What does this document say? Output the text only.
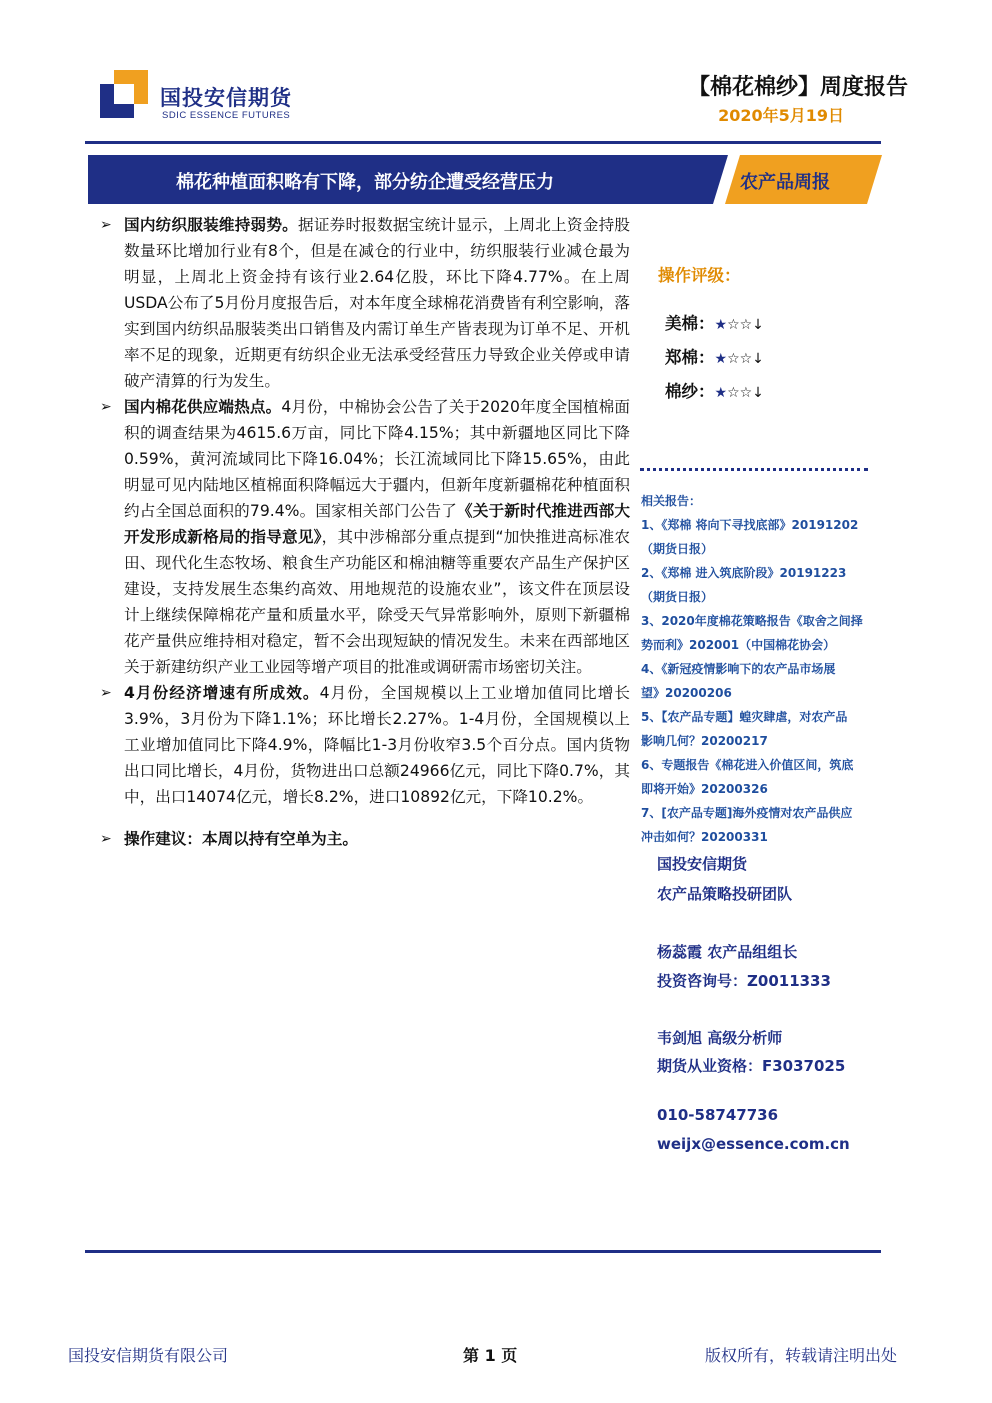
国投安信期货
SDIC ESSENCE FUTURES
【棉花棉纱】周度报告
2020年5月19日
棉花种植面积略有下降，部分纺企遭受经营压力	农产品周报
➢ 国内纺织服装维持弱势。据证券时报数据宝统计显示，上周北上资金持股数量环比增加行业有8个，但是在减仓的行业中，纺织服装行业减仓最为明显，上周北上资金持有该行业2.64亿股，环比下降4.77%。在上周USDA公布了5月份月度报告后，对本年度全球棉花消费皆有利空影响，落实到国内纺织品服装类出口销售及内需订单生产皆表现为订单不足、开机率不足的现象，近期更有纺织企业无法承受经营压力导致企业关停或申请破产清算的行为发生。
➢ 国内棉花供应端热点。4月份，中棉协会公告了关于2020年度全国植棉面积的调查结果为4615.6万亩，同比下降4.15%；其中新疆地区同比下降0.59%，黄河流域同比下降16.04%；长江流域同比下降15.65%，由此明显可见内陆地区植棉面积降幅远大于疆内，但新年度新疆棉花种植面积约占全国总面积的79.4%。国家相关部门公告了《关于新时代推进西部大开发形成新格局的指导意见》，其中涉棉部分重点提到“加快推进高标准农田、现代化生态牧场、粮食生产功能区和棉油糖等重要农产品生产保护区建设，支持发展生态集约高效、用地规范的设施农业”，该文件在顶层设计上继续保障棉花产量和质量水平，除受天气异常影响外，原则下新疆棉花产量供应维持相对稳定，暂不会出现短缺的情况发生。未来在西部地区关于新建纺织产业工业园等增产项目的批准或调研需市场密切关注。
➢ 4月份经济增速有所成效。4月份，全国规模以上工业增加值同比增长3.9%，3月份为下降1.1%；环比增长2.27%。1-4月份，全国规模以上工业增加值同比下降4.9%，降幅比1-3月份收窄3.5个百分点。国内货物出口同比增长，4月份，货物进出口总额24966亿元，同比下降0.7%，其中，出口14074亿元，增长8.2%，进口10892亿元，下降10.2%。
➢ 操作建议：本周以持有空单为主。
操作评级：
美棉：★☆☆↓
郑棉：★☆☆↓
棉纱：★☆☆↓
相关报告：
1、《郑棉 将向下寻找底部》20191202
（期货日报）
2、《郑棉 进入筑底阶段》20191223
（期货日报）
3、2020年度棉花策略报告《取舍之间择
势而利》202001（中国棉花协会）
4、《新冠疫情影响下的农产品市场展
望》20200206
5、【农产品专题】蝗灾肆虐，对农产品
影响几何？20200217
6、专题报告《棉花进入价值区间，筑底
即将开始》20200326
7、[农产品专题]海外疫情对农产品供应
冲击如何？20200331
国投安信期货
农产品策略投研团队
杨蕊霞 农产品组组长
投资咨询号：Z0011333
韦剑旭 高级分析师
期货从业资格：F3037025
010-58747736
weijx@essence.com.cn
国投安信期货有限公司	第 1 页	版权所有，转载请注明出处
